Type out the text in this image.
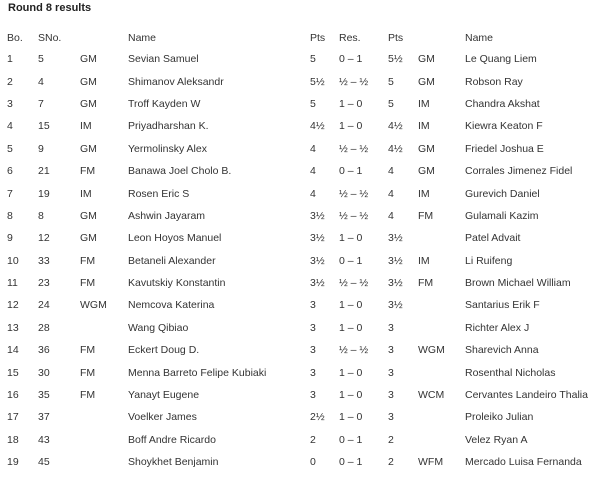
Round 8 results
Bo.	SNo.		Name	Pts	Res.	Pts		Name
1	5	GM	Sevian Samuel	5	0 – 1	5½	GM	Le Quang Liem
2	4	GM	Shimanov Aleksandr	5½	½ – ½	5	GM	Robson Ray
3	7	GM	Troff Kayden W	5	1 – 0	5	IM	Chandra Akshat
4	15	IM	Priyadharshan K.	4½	1 – 0	4½	IM	Kiewra Keaton F
5	9	GM	Yermolinsky Alex	4	½ – ½	4½	GM	Friedel Joshua E
6	21	FM	Banawa Joel Cholo B.	4	0 – 1	4	GM	Corrales Jimenez Fidel
7	19	IM	Rosen Eric S	4	½ – ½	4	IM	Gurevich Daniel
8	8	GM	Ashwin Jayaram	3½	½ – ½	4	FM	Gulamali Kazim
9	12	GM	Leon Hoyos Manuel	3½	1 – 0	3½		Patel Advait
10	33	FM	Betaneli Alexander	3½	0 – 1	3½	IM	Li Ruifeng
11	23	FM	Kavutskiy Konstantin	3½	½ – ½	3½	FM	Brown Michael William
12	24	WGM	Nemcova Katerina	3	1 – 0	3½		Santarius Erik F
13	28		Wang Qibiao	3	1 – 0	3		Richter Alex J
14	36	FM	Eckert Doug D.	3	½ – ½	3	WGM	Sharevich Anna
15	30	FM	Menna Barreto Felipe Kubiaki	3	1 – 0	3		Rosenthal Nicholas
16	35	FM	Yanayt Eugene	3	1 – 0	3	WCM	Cervantes Landeiro Thalia
17	37		Voelker James	2½	1 – 0	3		Proleiko Julian
18	43		Boff Andre Ricardo	2	0 – 1	2		Velez Ryan A
19	45		Shoykhet Benjamin	0	0 – 1	2	WFM	Mercado Luisa Fernanda
